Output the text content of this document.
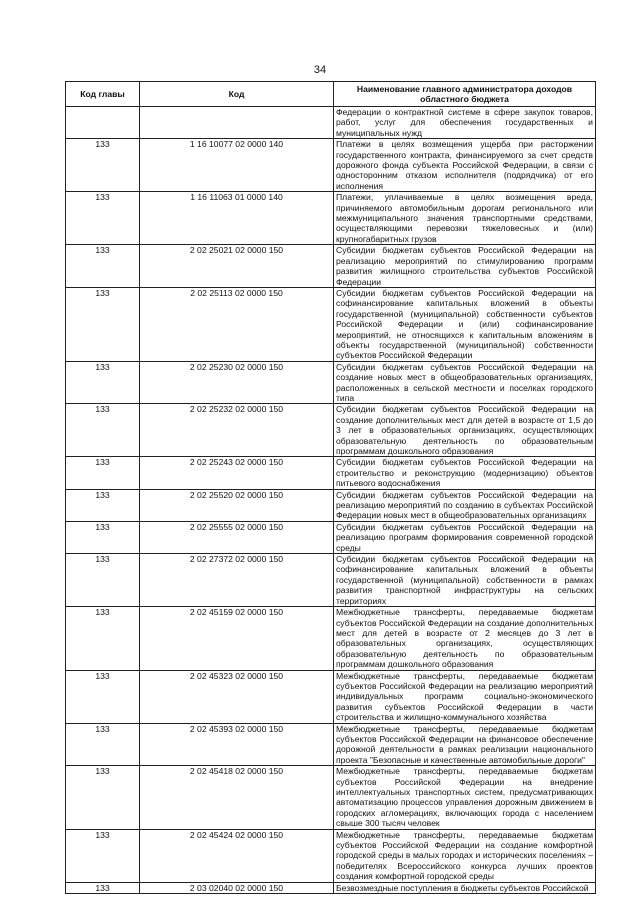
34
Код главы	Код	Наименование главного администратора доходов областного бюджета
		Федерации о контрактной системе в сфере закупок товаров, работ, услуг для обеспечения государственных и муниципальных нужд
133	1 16 10077 02 0000 140	Платежи в целях возмещения ущерба при расторжении государственного контракта, финансируемого за счет средств дорожного фонда субъекта Российской Федерации, в связи с односторонним отказом исполнителя (подрядчика) от его исполнения
133	1 16 11063 01 0000 140	Платежи, уплачиваемые в целях возмещения вреда, причиняемого автомобильным дорогам регионального или межмуниципального значения транспортными средствами, осуществляющими перевозки тяжеловесных и (или) крупногабаритных грузов
133	2 02 25021 02 0000 150	Субсидии бюджетам субъектов Российской Федерации на реализацию мероприятий по стимулированию программ развития жилищного строительства субъектов Российской Федерации
133	2 02 25113 02 0000 150	Субсидии бюджетам субъектов Российской Федерации на софинансирование капитальных вложений в объекты государственной (муниципальной) собственности субъектов Российской Федерации и (или) софинансирование мероприятий, не относящихся к капитальным вложениям в объекты государственной (муниципальной) собственности субъектов Российской Федерации
133	2 02 25230 02 0000 150	Субсидии бюджетам субъектов Российской Федерации на создание новых мест в общеобразовательных организациях, расположенных в сельской местности и поселках городского типа
133	2 02 25232 02 0000 150	Субсидии бюджетам субъектов Российской Федерации на создание дополнительных мест для детей в возрасте от 1,5 до 3 лет в образовательных организациях, осуществляющих образовательную деятельность по образовательным программам дошкольного образования
133	2 02 25243 02 0000 150	Субсидии бюджетам субъектов Российской Федерации на строительство и реконструкцию (модернизацию) объектов питьевого водоснабжения
133	2 02 25520 02 0000 150	Субсидии бюджетам субъектов Российской Федерации на реализацию мероприятий по созданию в субъектах Российской Федерации новых мест в общеобразовательных организациях
133	2 02 25555 02 0000 150	Субсидии бюджетам субъектов Российской Федерации на реализацию программ формирования современной городской среды
133	2 02 27372 02 0000 150	Субсидии бюджетам субъектов Российской Федерации на софинансирование капитальных вложений в объекты государственной (муниципальной) собственности в рамках развития транспортной инфраструктуры на сельских территориях
133	2 02 45159 02 0000 150	Межбюджетные трансферты, передаваемые бюджетам субъектов Российской Федерации на создание дополнительных мест для детей в возрасте от 2 месяцев до 3 лет в образовательных организациях, осуществляющих образовательную деятельность по образовательным программам дошкольного образования
133	2 02 45323 02 0000 150	Межбюджетные трансферты, передаваемые бюджетам субъектов Российской Федерации на реализацию мероприятий индивидуальных программ социально-экономического развития субъектов Российской Федерации в части строительства и жилищно-коммунального хозяйства
133	2 02 45393 02 0000 150	Межбюджетные трансферты, передаваемые бюджетам субъектов Российской Федерации на финансовое обеспечение дорожной деятельности в рамках реализации национального проекта "Безопасные и качественные автомобильные дороги"
133	2 02 45418 02 0000 150	Межбюджетные трансферты, передаваемые бюджетам субъектов Российской Федерации на внедрение интеллектуальных транспортных систем, предусматривающих автоматизацию процессов управления дорожным движением в городских агломерациях, включающих города с населением свыше 300 тысяч человек
133	2 02 45424 02 0000 150	Межбюджетные трансферты, передаваемые бюджетам субъектов Российской Федерации на создание комфортной городской среды в малых городах и исторических поселениях – победителях Всероссийского конкурса лучших проектов создания комфортной городской среды
133	2 03 02040 02 0000 150	Безвозмездные поступления в бюджеты субъектов Российской
